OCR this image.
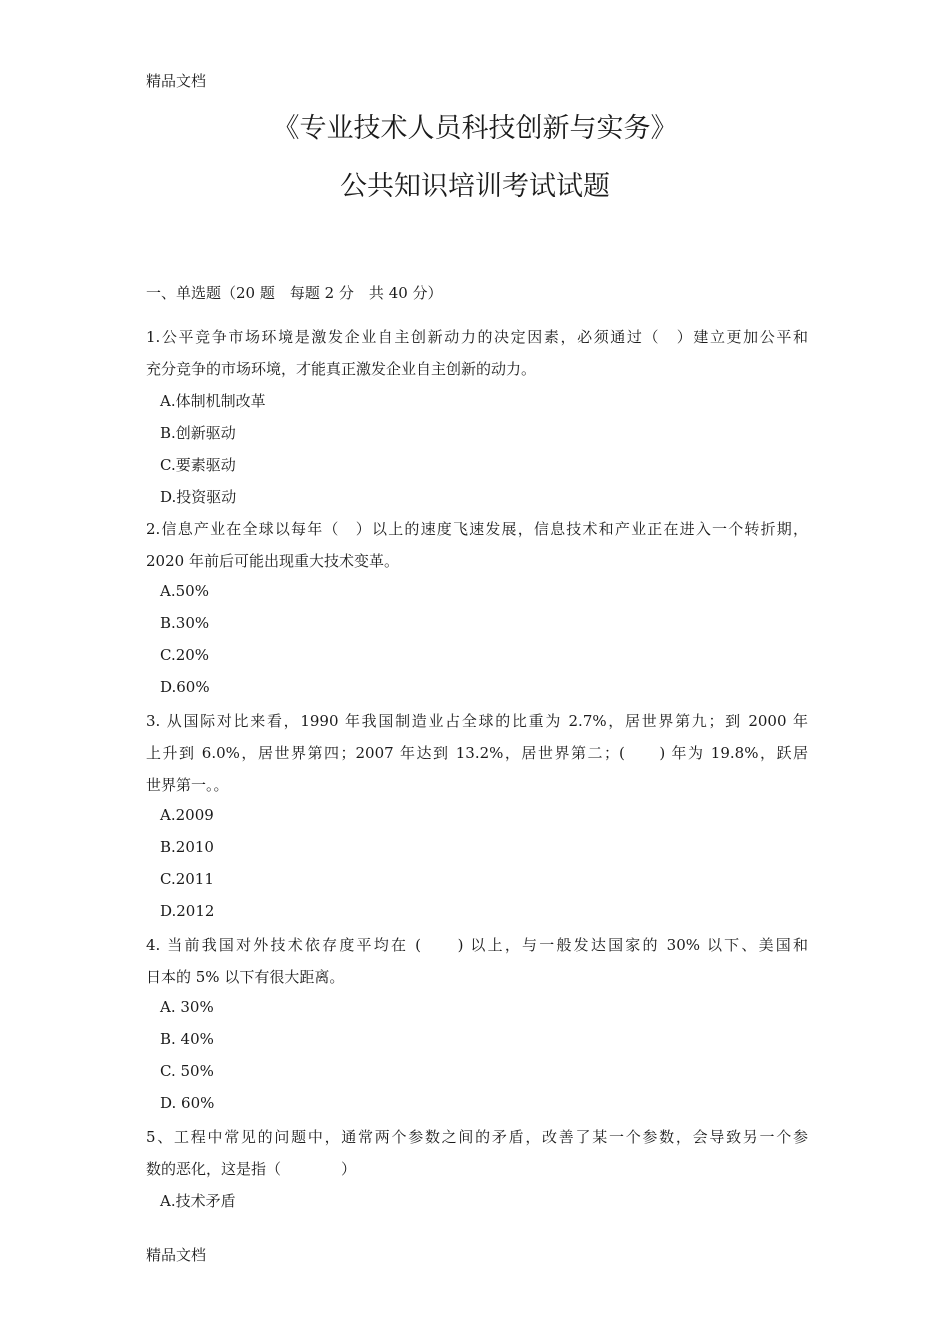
精品文档
《专业技术人员科技创新与实务》
公共知识培训考试试题
一、单选题（20 题　每题 2 分　共 40 分）
1.公平竞争市场环境是激发企业自主创新动力的决定因素，必须通过（　）建立更加公平和
充分竞争的市场环境，才能真正激发企业自主创新的动力。
A.体制机制改革
B.创新驱动
C.要素驱动
D.投资驱动
2.信息产业在全球以每年（　）以上的速度飞速发展，信息技术和产业正在进入一个转折期，
2020 年前后可能出现重大技术变革。
A.50%
B.30%
C.20%
D.60%
3. 从国际对比来看，1990 年我国制造业占全球的比重为 2.7%，居世界第九；到 2000 年
上升到 6.0%，居世界第四；2007 年达到 13.2%，居世界第二；(　　) 年为 19.8%，跃居
世界第一。。
A.2009
B.2010
C.2011
D.2012
4. 当前我国对外技术依存度平均在 (　　) 以上，与一般发达国家的 30% 以下、美国和
日本的 5% 以下有很大距离。
A. 30%
B. 40%
C. 50%
D. 60%
5、工程中常见的问题中，通常两个参数之间的矛盾，改善了某一个参数，会导致另一个参
数的恶化，这是指（　　　　）
A.技术矛盾
精品文档
